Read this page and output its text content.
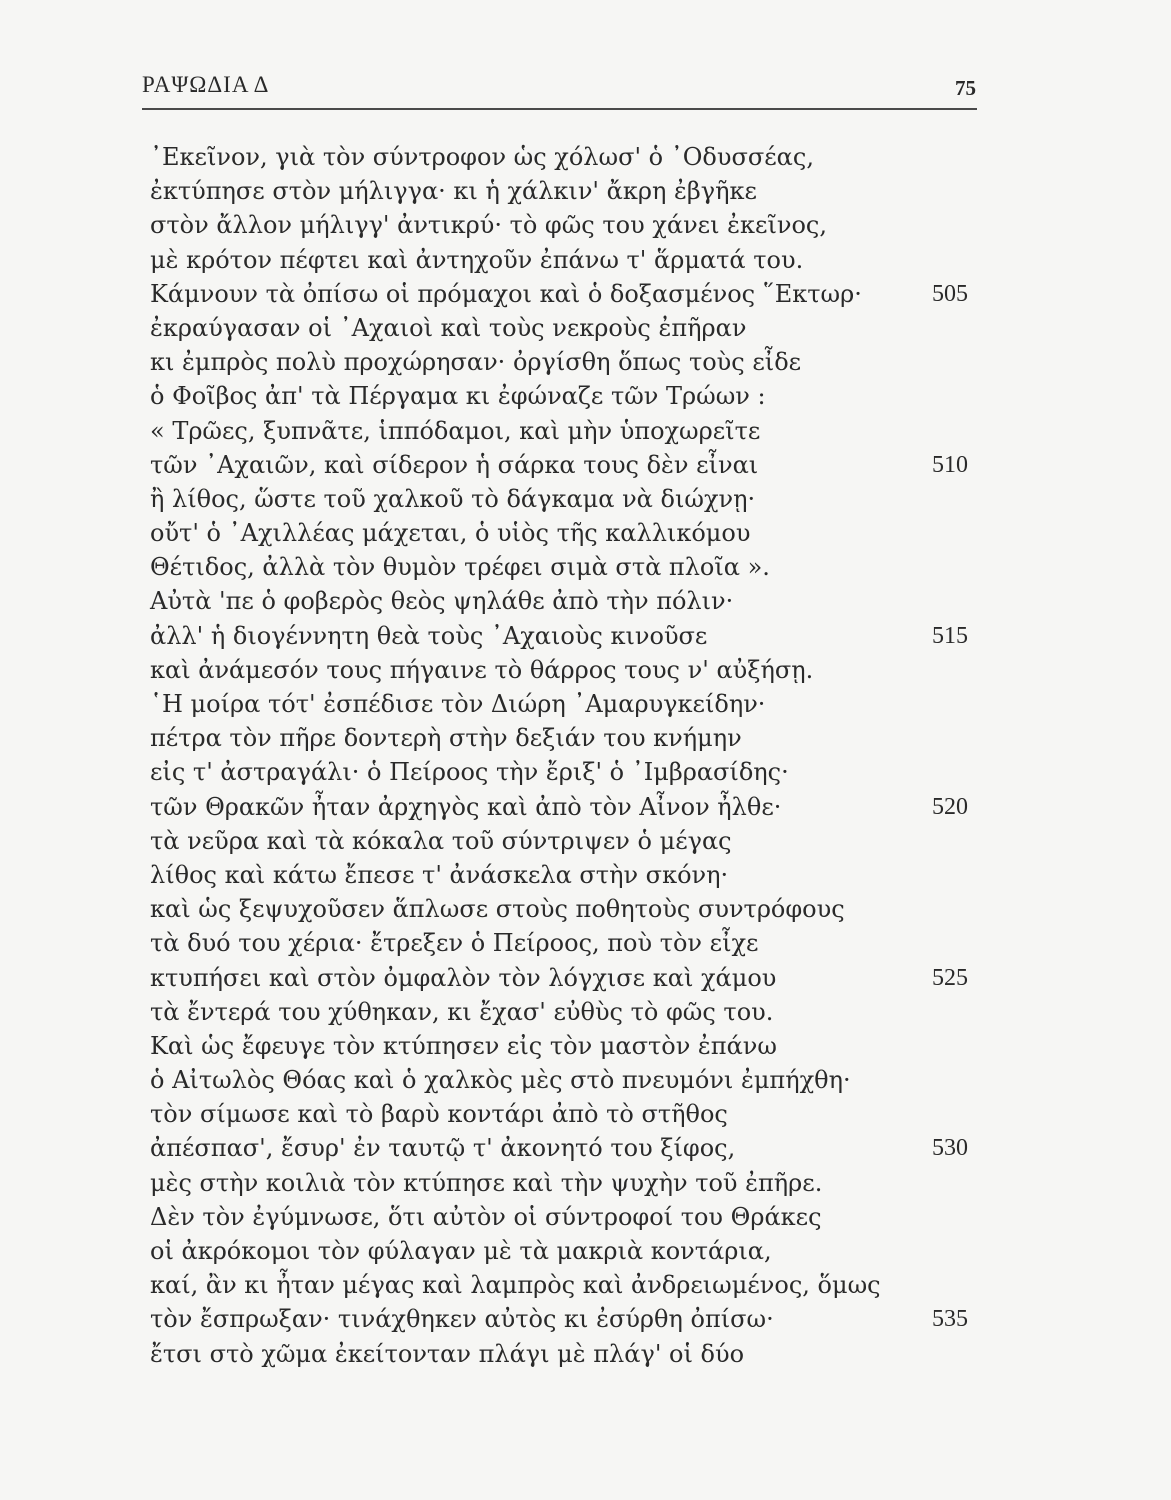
ΡΑΨΩΔΙΑ Δ	75
᾿Εκεῖνον, γιὰ τὸν σύντροφον ὡς χόλωσ' ὁ ᾿Οδυσσέας,
ἐκτύπησε στὸν μήλιγγα· κι ἡ χάλκιν' ἄκρη ἐβγῆκε
στὸν ἄλλον μήλιγγ' ἀντικρύ· τὸ φῶς του χάνει ἐκεῖνος,
μὲ κρότον πέφτει καὶ ἀντηχοῦν ἐπάνω τ' ἅρματά του.
Κάμνουν τὰ ὀπίσω οἱ πρόμαχοι καὶ ὁ δοξασμένος ῞Εκτωρ·	505
ἐκραύγασαν οἱ ᾿Αχαιοὶ καὶ τοὺς νεκροὺς ἐπῆραν
κι ἐμπρὸς πολὺ προχώρησαν· ὀργίσθη ὅπως τοὺς εἶδε
ὁ Φοῖβος ἀπ' τὰ Πέργαμα κι ἐφώναζε τῶν Τρώων :
« Τρῶες, ξυπνᾶτε, ἱππόδαμοι, καὶ μὴν ὑποχωρεῖτε
τῶν ᾿Αχαιῶν, καὶ σίδερον ἡ σάρκα τους δὲν εἶναι	510
ἢ λίθος, ὥστε τοῦ χαλκοῦ τὸ δάγκαμα νὰ διώχνῃ·
οὔτ' ὁ ᾿Αχιλλέας μάχεται, ὁ υἱὸς τῆς καλλικόμου
Θέτιδος, ἀλλὰ τὸν θυμὸν τρέφει σιμὰ στὰ πλοῖα ».
Αὐτὰ 'πε ὁ φοβερὸς θεὸς ψηλάθε ἀπὸ τὴν πόλιν·
ἀλλ' ἡ διογέννητη θεὰ τοὺς ᾿Αχαιοὺς κινοῦσε	515
καὶ ἀνάμεσόν τους πήγαινε τὸ θάρρος τους ν' αὐξήσῃ.
῾Η μοίρα τότ' ἐσπέδισε τὸν Διώρη ᾿Αμαρυγκείδην·
πέτρα τὸν πῆρε δοντερὴ στὴν δεξιάν του κνήμην
εἰς τ' ἀστραγάλι· ὁ Πείροος τὴν ἔριξ' ὁ ᾿Ιμβρασίδης·
τῶν Θρακῶν ἦταν ἀρχηγὸς καὶ ἀπὸ τὸν Αἶνον ἦλθε·	520
τὰ νεῦρα καὶ τὰ κόκαλα τοῦ σύντριψεν ὁ μέγας
λίθος καὶ κάτω ἔπεσε τ' ἀνάσκελα στὴν σκόνη·
καὶ ὡς ξεψυχοῦσεν ἅπλωσε στοὺς ποθητοὺς συντρόφους
τὰ δυό του χέρια· ἔτρεξεν ὁ Πείροος, ποὺ τὸν εἶχε
κτυπήσει καὶ στὸν ὀμφαλὸν τὸν λόγχισε καὶ χάμου	525
τὰ ἔντερά του χύθηκαν, κι ἔχασ' εὐθὺς τὸ φῶς του.
Καὶ ὡς ἔφευγε τὸν κτύπησεν εἰς τὸν μαστὸν ἐπάνω
ὁ Αἰτωλὸς Θόας καὶ ὁ χαλκὸς μὲς στὸ πνευμόνι ἐμπήχθη·
τὸν σίμωσε καὶ τὸ βαρὺ κοντάρι ἀπὸ τὸ στῆθος
ἀπέσπασ', ἔσυρ' ἐν ταυτῷ τ' ἀκονητό του ξίφος,	530
μὲς στὴν κοιλιὰ τὸν κτύπησε καὶ τὴν ψυχὴν τοῦ ἐπῆρε.
Δὲν τὸν ἐγύμνωσε, ὅτι αὐτὸν οἱ σύντροφοί του Θράκες
οἱ ἀκρόκομοι τὸν φύλαγαν μὲ τὰ μακριὰ κοντάρια,
καί, ἂν κι ἦταν μέγας καὶ λαμπρὸς καὶ ἀνδρειωμένος, ὅμως
τὸν ἔσπρωξαν· τινάχθηκεν αὐτὸς κι ἐσύρθη ὀπίσω·	535
ἔτσι στὸ χῶμα ἐκείτονταν πλάγι μὲ πλάγ' οἱ δύο
